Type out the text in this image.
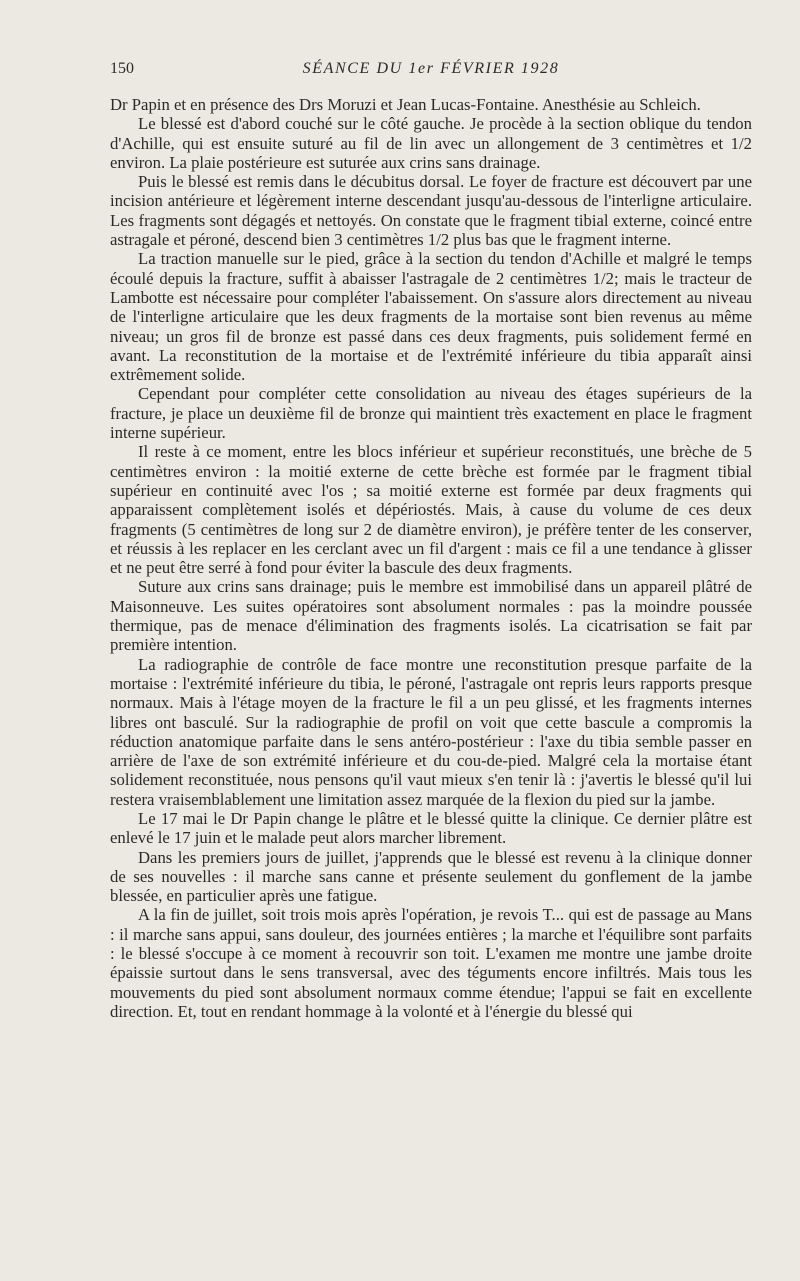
150	SÉANCE DU 1er FÉVRIER 1928

Dr Papin et en présence des Drs Moruzi et Jean Lucas-Fontaine. Anesthésie au Schleich.

Le blessé est d'abord couché sur le côté gauche. Je procède à la section oblique du tendon d'Achille, qui est ensuite suturé au fil de lin avec un allongement de 3 centimètres et 1/2 environ. La plaie postérieure est suturée aux crins sans drainage.

Puis le blessé est remis dans le décubitus dorsal. Le foyer de fracture est découvert par une incision antérieure et légèrement interne descendant jusqu'au-dessous de l'interligne articulaire. Les fragments sont dégagés et nettoyés. On constate que le fragment tibial externe, coincé entre astragale et péroné, descend bien 3 centimètres 1/2 plus bas que le fragment interne.

La traction manuelle sur le pied, grâce à la section du tendon d'Achille et malgré le temps écoulé depuis la fracture, suffit à abaisser l'astragale de 2 centimètres 1/2; mais le tracteur de Lambotte est nécessaire pour compléter l'abaissement. On s'assure alors directement au niveau de l'interligne articulaire que les deux fragments de la mortaise sont bien revenus au même niveau; un gros fil de bronze est passé dans ces deux fragments, puis solidement fermé en avant. La reconstitution de la mortaise et de l'extrémité inférieure du tibia apparaît ainsi extrêmement solide.

Cependant pour compléter cette consolidation au niveau des étages supérieurs de la fracture, je place un deuxième fil de bronze qui maintient très exactement en place le fragment interne supérieur.

Il reste à ce moment, entre les blocs inférieur et supérieur reconstitués, une brèche de 5 centimètres environ : la moitié externe de cette brèche est formée par le fragment tibial supérieur en continuité avec l'os ; sa moitié externe est formée par deux fragments qui apparaissent complètement isolés et dépériostés. Mais, à cause du volume de ces deux fragments (5 centimètres de long sur 2 de diamètre environ), je préfère tenter de les conserver, et réussis à les replacer en les cerclant avec un fil d'argent : mais ce fil a une tendance à glisser et ne peut être serré à fond pour éviter la bascule des deux fragments.

Suture aux crins sans drainage; puis le membre est immobilisé dans un appareil plâtré de Maisonneuve. Les suites opératoires sont absolument normales : pas la moindre poussée thermique, pas de menace d'élimination des fragments isolés. La cicatrisation se fait par première intention.

La radiographie de contrôle de face montre une reconstitution presque parfaite de la mortaise : l'extrémité inférieure du tibia, le péroné, l'astragale ont repris leurs rapports presque normaux. Mais à l'étage moyen de la fracture le fil a un peu glissé, et les fragments internes libres ont basculé. Sur la radiographie de profil on voit que cette bascule a compromis la réduction anatomique parfaite dans le sens antéro-postérieur : l'axe du tibia semble passer en arrière de l'axe de son extrémité inférieure et du cou-de-pied. Malgré cela la mortaise étant solidement reconstituée, nous pensons qu'il vaut mieux s'en tenir là : j'avertis le blessé qu'il lui restera vraisemblablement une limitation assez marquée de la flexion du pied sur la jambe.

Le 17 mai le Dr Papin change le plâtre et le blessé quitte la clinique. Ce dernier plâtre est enlevé le 17 juin et le malade peut alors marcher librement.

Dans les premiers jours de juillet, j'apprends que le blessé est revenu à la clinique donner de ses nouvelles : il marche sans canne et présente seulement du gonflement de la jambe blessée, en particulier après une fatigue.

A la fin de juillet, soit trois mois après l'opération, je revois T... qui est de passage au Mans : il marche sans appui, sans douleur, des journées entières ; la marche et l'équilibre sont parfaits : le blessé s'occupe à ce moment à recouvrir son toit. L'examen me montre une jambe droite épaissie surtout dans le sens transversal, avec des téguments encore infiltrés. Mais tous les mouvements du pied sont absolument normaux comme étendue; l'appui se fait en excellente direction. Et, tout en rendant hommage à la volonté et à l'énergie du blessé qui
